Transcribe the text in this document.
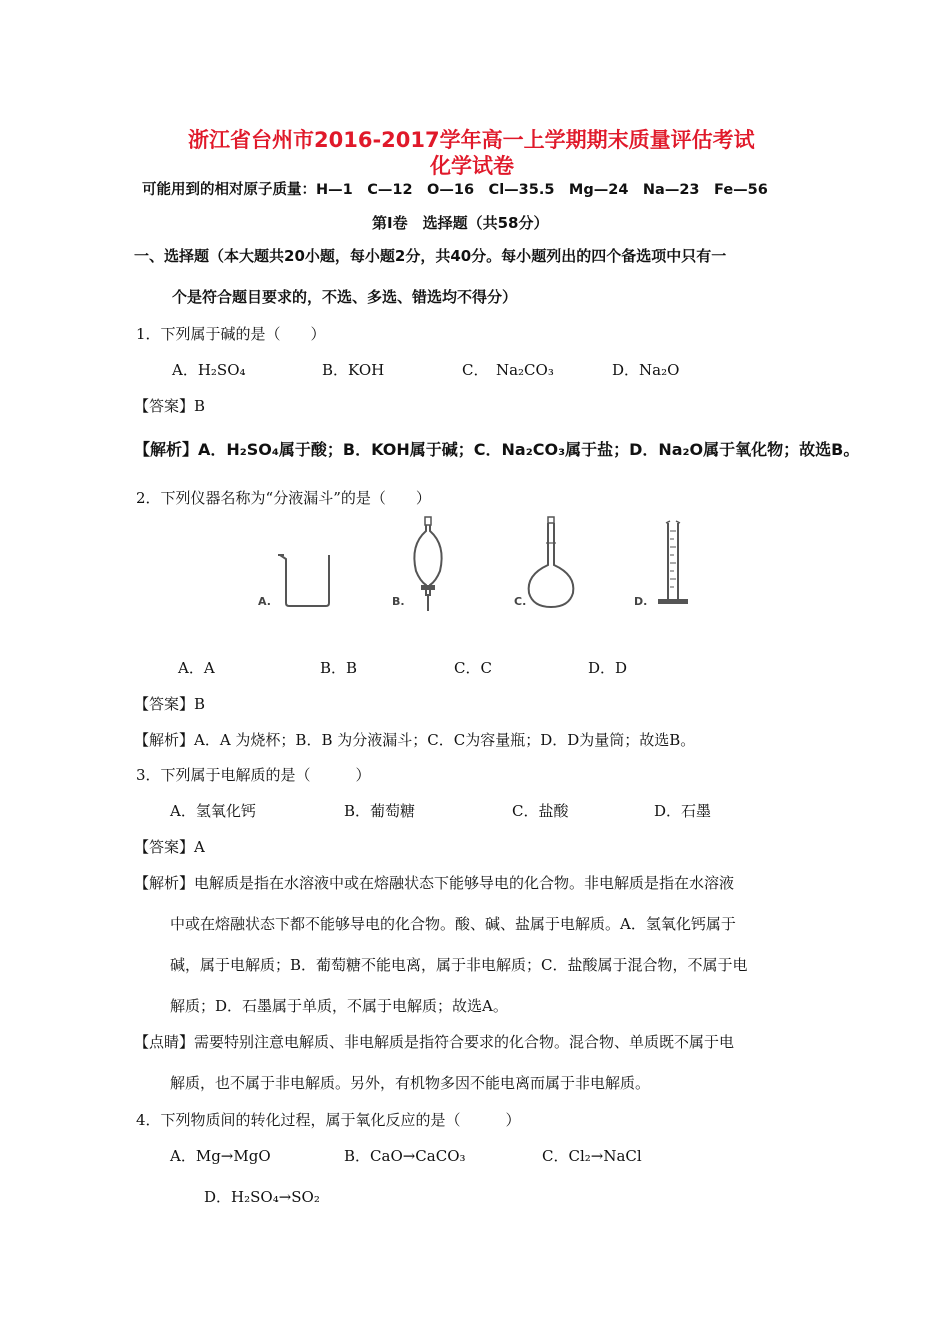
浙江省台州市2016-2017学年高一上学期期末质量评估考试
化学试卷
可能用到的相对原子质量：H—1　C—12　O—16　Cl—35.5　Mg—24　Na—23　Fe—56
第Ⅰ卷　选择题（共58分）
一、选择题（本大题共20小题，每小题2分，共40分。每小题列出的四个备选项中只有一
个是符合题目要求的，不选、多选、错选均不得分）
1．下列属于碱的是（　　）
A．H₂SO₄	B．KOH	C．　Na₂CO₃	D．Na₂O
【答案】B
【解析】A．H₂SO₄属于酸；B．KOH属于碱；C．Na₂CO₃属于盐；D．Na₂O属于氧化物；故选B。
2．下列仪器名称为“分液漏斗”的是（　　）
A.	B.	C.	D.
A．A	B．B	C．C	D．D
【答案】B
【解析】A．A 为烧杯；B．B 为分液漏斗；C．C为容量瓶；D．D为量筒；故选B。
3．下列属于电解质的是（　　　）
A．氢氧化钙	B．葡萄糖	C．盐酸	D．石墨
【答案】A
【解析】电解质是指在水溶液中或在熔融状态下能够导电的化合物。非电解质是指在水溶液
中或在熔融状态下都不能够导电的化合物。酸、碱、盐属于电解质。A．氢氧化钙属于
碱，属于电解质；B．葡萄糖不能电离，属于非电解质；C．盐酸属于混合物，不属于电
解质；D．石墨属于单质，不属于电解质；故选A。
【点睛】需要特别注意电解质、非电解质是指符合要求的化合物。混合物、单质既不属于电
解质，也不属于非电解质。另外，有机物多因不能电离而属于非电解质。
4．下列物质间的转化过程，属于氧化反应的是（　　　）
A．Mg→MgO	B．CaO→CaCO₃	C．Cl₂→NaCl
D．H₂SO₄→SO₂
